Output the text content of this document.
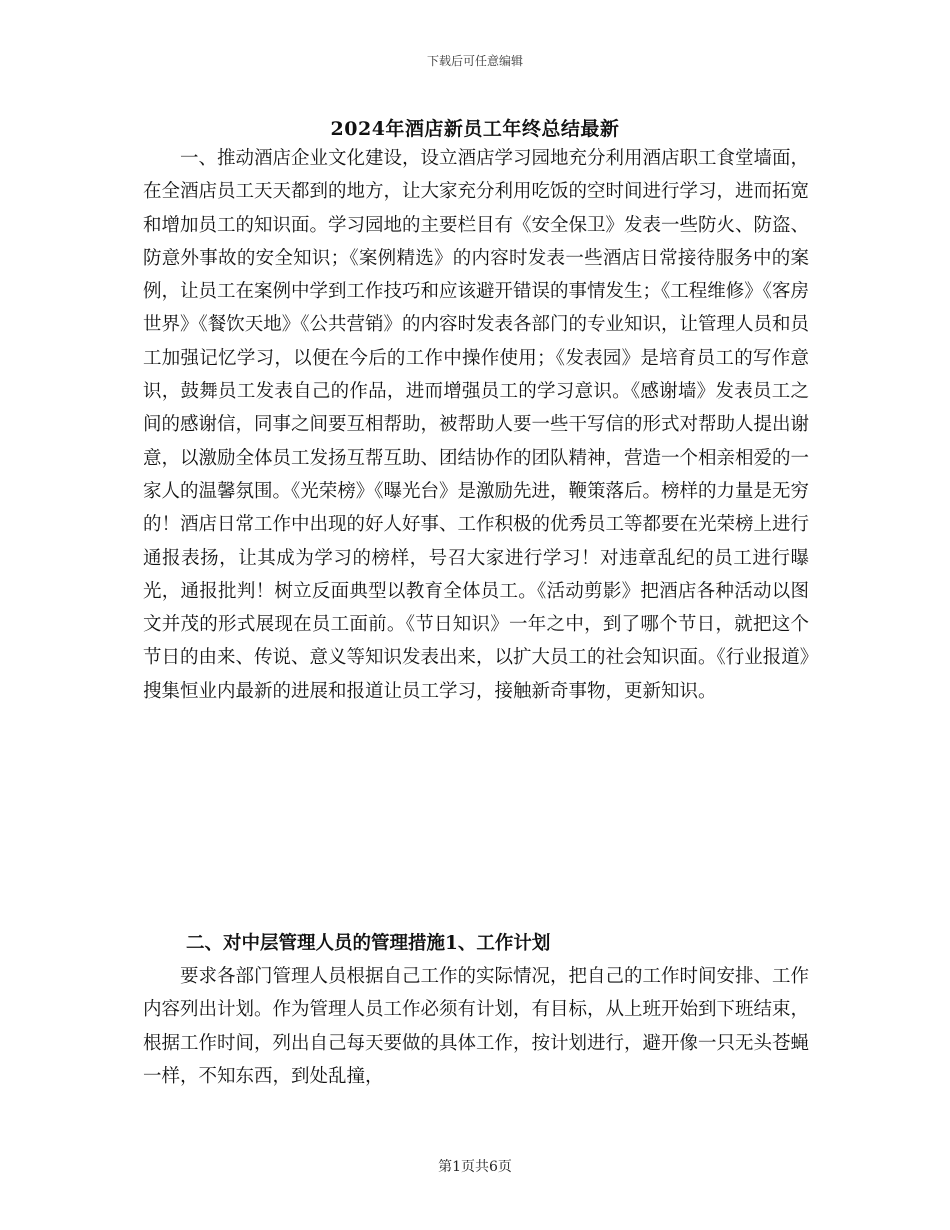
下载后可任意编辑
2024年酒店新员工年终总结最新

一、推动酒店企业文化建设，设立酒店学习园地充分利用酒店职工食堂墙面，在全酒店员工天天都到的地方，让大家充分利用吃饭的空时间进行学习，进而拓宽和增加员工的知识面。学习园地的主要栏目有《安全保卫》发表一些防火、防盗、防意外事故的安全知识；《案例精选》的内容时发表一些酒店日常接待服务中的案例，让员工在案例中学到工作技巧和应该避开错误的事情发生；《工程维修》《客房世界》《餐饮天地》《公共营销》的内容时发表各部门的专业知识，让管理人员和员工加强记忆学习，以便在今后的工作中操作使用；《发表园》是培育员工的写作意识，鼓舞员工发表自己的作品，进而增强员工的学习意识。《感谢墙》发表员工之间的感谢信，同事之间要互相帮助，被帮助人要一些干写信的形式对帮助人提出谢意，以激励全体员工发扬互帮互助、团结协作的团队精神，营造一个相亲相爱的一家人的温馨氛围。《光荣榜》《曝光台》是激励先进，鞭策落后。榜样的力量是无穷的！酒店日常工作中出现的好人好事、工作积极的优秀员工等都要在光荣榜上进行通报表扬，让其成为学习的榜样，号召大家进行学习！对违章乱纪的员工进行曝光，通报批判！树立反面典型以教育全体员工。《活动剪影》把酒店各种活动以图文并茂的形式展现在员工面前。《节日知识》一年之中，到了哪个节日，就把这个节日的由来、传说、意义等知识发表出来，以扩大员工的社会知识面。《行业报道》搜集恒业内最新的进展和报道让员工学习，接触新奇事物，更新知识。

二、对中层管理人员的管理措施1、工作计划

要求各部门管理人员根据自己工作的实际情况，把自己的工作时间安排、工作内容列出计划。作为管理人员工作必须有计划，有目标，从上班开始到下班结束，根据工作时间，列出自己每天要做的具体工作，按计划进行，避开像一只无头苍蝇一样，不知东西，到处乱撞，

第1页共6页
